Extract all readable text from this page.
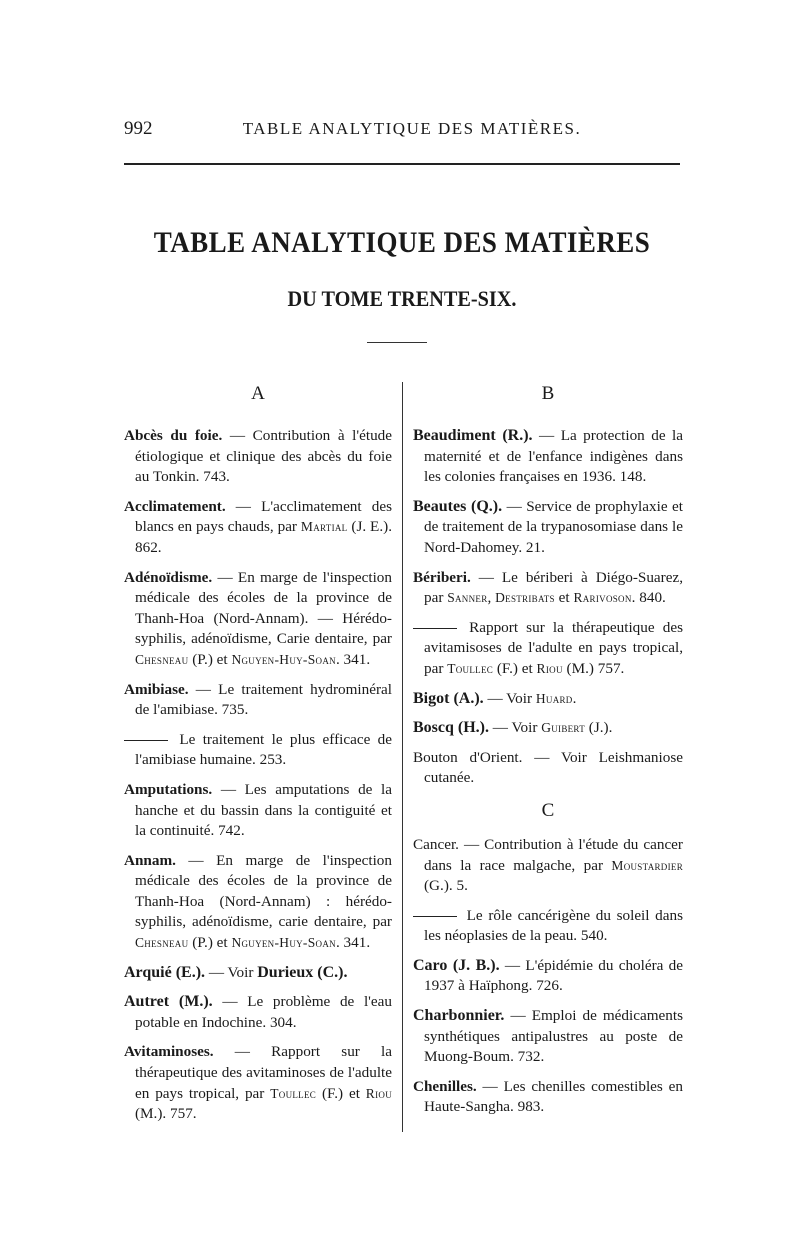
992	TABLE ANALYTIQUE DES MATIÈRES.
TABLE ANALYTIQUE DES MATIÈRES
DU TOME TRENTE-SIX.
A
Abcès du foie. — Contribution à l'étude étiologique et clinique des abcès du foie au Tonkin. 743.
Acclimatement. — L'acclimatement des blancs en pays chauds, par Martial (J. E.). 862.
Adénoïdisme. — En marge de l'inspection médicale des écoles de la province de Thanh-Hoa (Nord-Annam). — Hérédo-syphilis, adénoïdisme, Carie dentaire, par Chesneau (P.) et Nguyen-Huy-Soan. 341.
Amibiase. — Le traitement hydrominéral de l'amibiase. 735.
Le traitement le plus efficace de l'amibiase humaine. 253.
Amputations. — Les amputations de la hanche et du bassin dans la contiguité et la continuité. 742.
Annam. — En marge de l'inspection médicale des écoles de la province de Thanh-Hoa (Nord-Annam) : hérédo-syphilis, adénoïdisme, carie dentaire, par Chesneau (P.) et Nguyen-Huy-Soan. 341.
Arquié (E.). — Voir Durieux (C.).
Autret (M.). — Le problème de l'eau potable en Indochine. 304.
Avitaminoses. — Rapport sur la thérapeutique des avitaminoses de l'adulte en pays tropical, par Toullec (F.) et Riou (M.). 757.
B
Beaudiment (R.). — La protection de la maternité et de l'enfance indigènes dans les colonies françaises en 1936. 148.
Beautes (Q.). — Service de prophylaxie et de traitement de la trypanosomiase dans le Nord-Dahomey. 21.
Bériberi. — Le bériberi à Diégo-Suarez, par Sanner, Destribats et Rarivoson. 840.
Rapport sur la thérapeutique des avitamisoses de l'adulte en pays tropical, par Toullec (F.) et Riou (M.) 757.
Bigot (A.). — Voir Huard.
Boscq (H.). — Voir Guibert (J.).
Bouton d'Orient. — Voir Leishmaniose cutanée.
C
Cancer. — Contribution à l'étude du cancer dans la race malgache, par Moustardier (G.). 5.
Le rôle cancérigène du soleil dans les néoplasies de la peau. 540.
Caro (J. B.). — L'épidémie du choléra de 1937 à Haïphong. 726.
Charbonnier. — Emploi de médicaments synthétiques antipalustres au poste de Muong-Boum. 732.
Chenilles. — Les chenilles comestibles en Haute-Sangha. 983.
